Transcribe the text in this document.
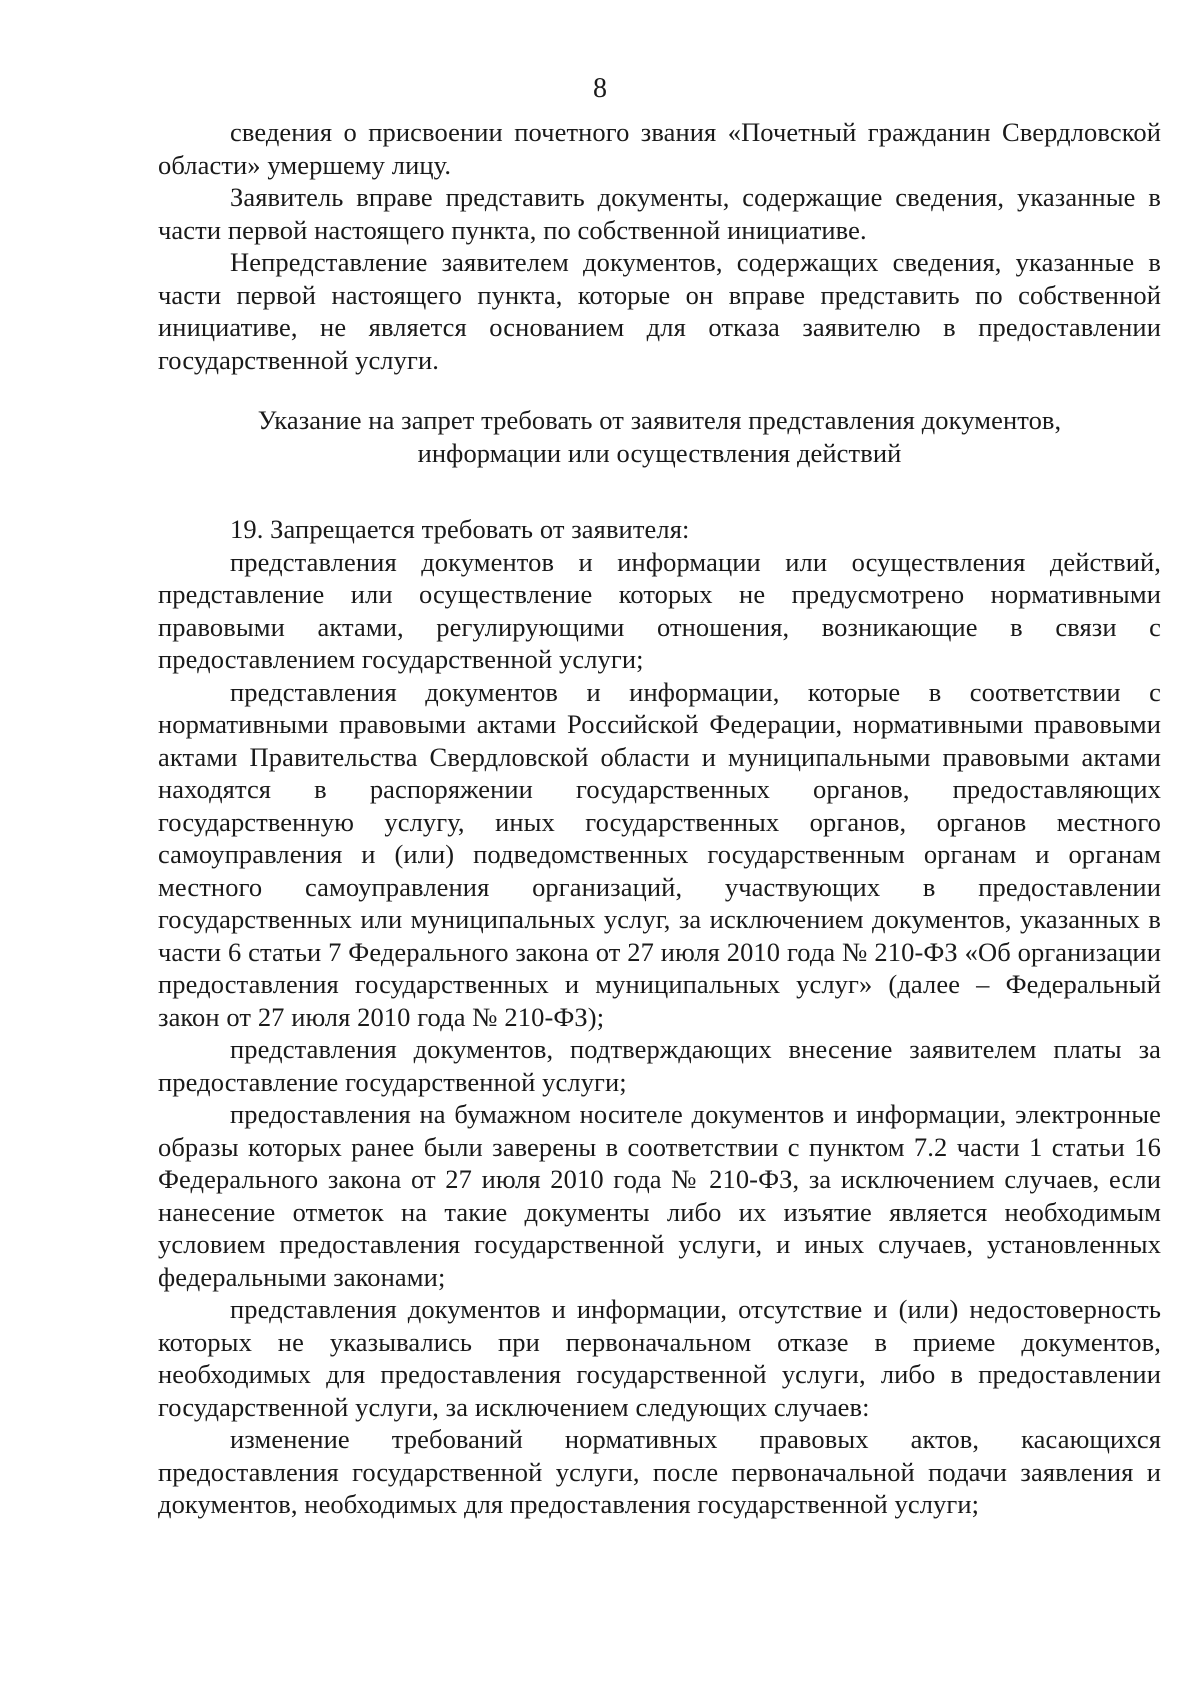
8

сведения о присвоении почетного звания «Почетный гражданин Свердловской области» умершему лицу.

Заявитель вправе представить документы, содержащие сведения, указанные в части первой настоящего пункта, по собственной инициативе.

Непредставление заявителем документов, содержащих сведения, указанные в части первой настоящего пункта, которые он вправе представить по собственной инициативе, не является основанием для отказа заявителю в предоставлении государственной услуги.

Указание на запрет требовать от заявителя представления документов,
информации или осуществления действий

19. Запрещается требовать от заявителя:

представления документов и информации или осуществления действий, представление или осуществление которых не предусмотрено нормативными правовыми актами, регулирующими отношения, возникающие в связи с предоставлением государственной услуги;

представления документов и информации, которые в соответствии с нормативными правовыми актами Российской Федерации, нормативными правовыми актами Правительства Свердловской области и муниципальными правовыми актами находятся в распоряжении государственных органов, предоставляющих государственную услугу, иных государственных органов, органов местного самоуправления и (или) подведомственных государственным органам и органам местного самоуправления организаций, участвующих в предоставлении государственных или муниципальных услуг, за исключением документов, указанных в части 6 статьи 7 Федерального закона от 27 июля 2010 года № 210-ФЗ «Об организации предоставления государственных и муниципальных услуг» (далее – Федеральный закон от 27 июля 2010 года № 210-ФЗ);

представления документов, подтверждающих внесение заявителем платы за предоставление государственной услуги;

предоставления на бумажном носителе документов и информации, электронные образы которых ранее были заверены в соответствии с пунктом 7.2 части 1 статьи 16 Федерального закона от 27 июля 2010 года № 210-ФЗ, за исключением случаев, если нанесение отметок на такие документы либо их изъятие является необходимым условием предоставления государственной услуги, и иных случаев, установленных федеральными законами;

представления документов и информации, отсутствие и (или) недостоверность которых не указывались при первоначальном отказе в приеме документов, необходимых для предоставления государственной услуги, либо в предоставлении государственной услуги, за исключением следующих случаев:

изменение требований нормативных правовых актов, касающихся предоставления государственной услуги, после первоначальной подачи заявления и документов, необходимых для предоставления государственной услуги;
